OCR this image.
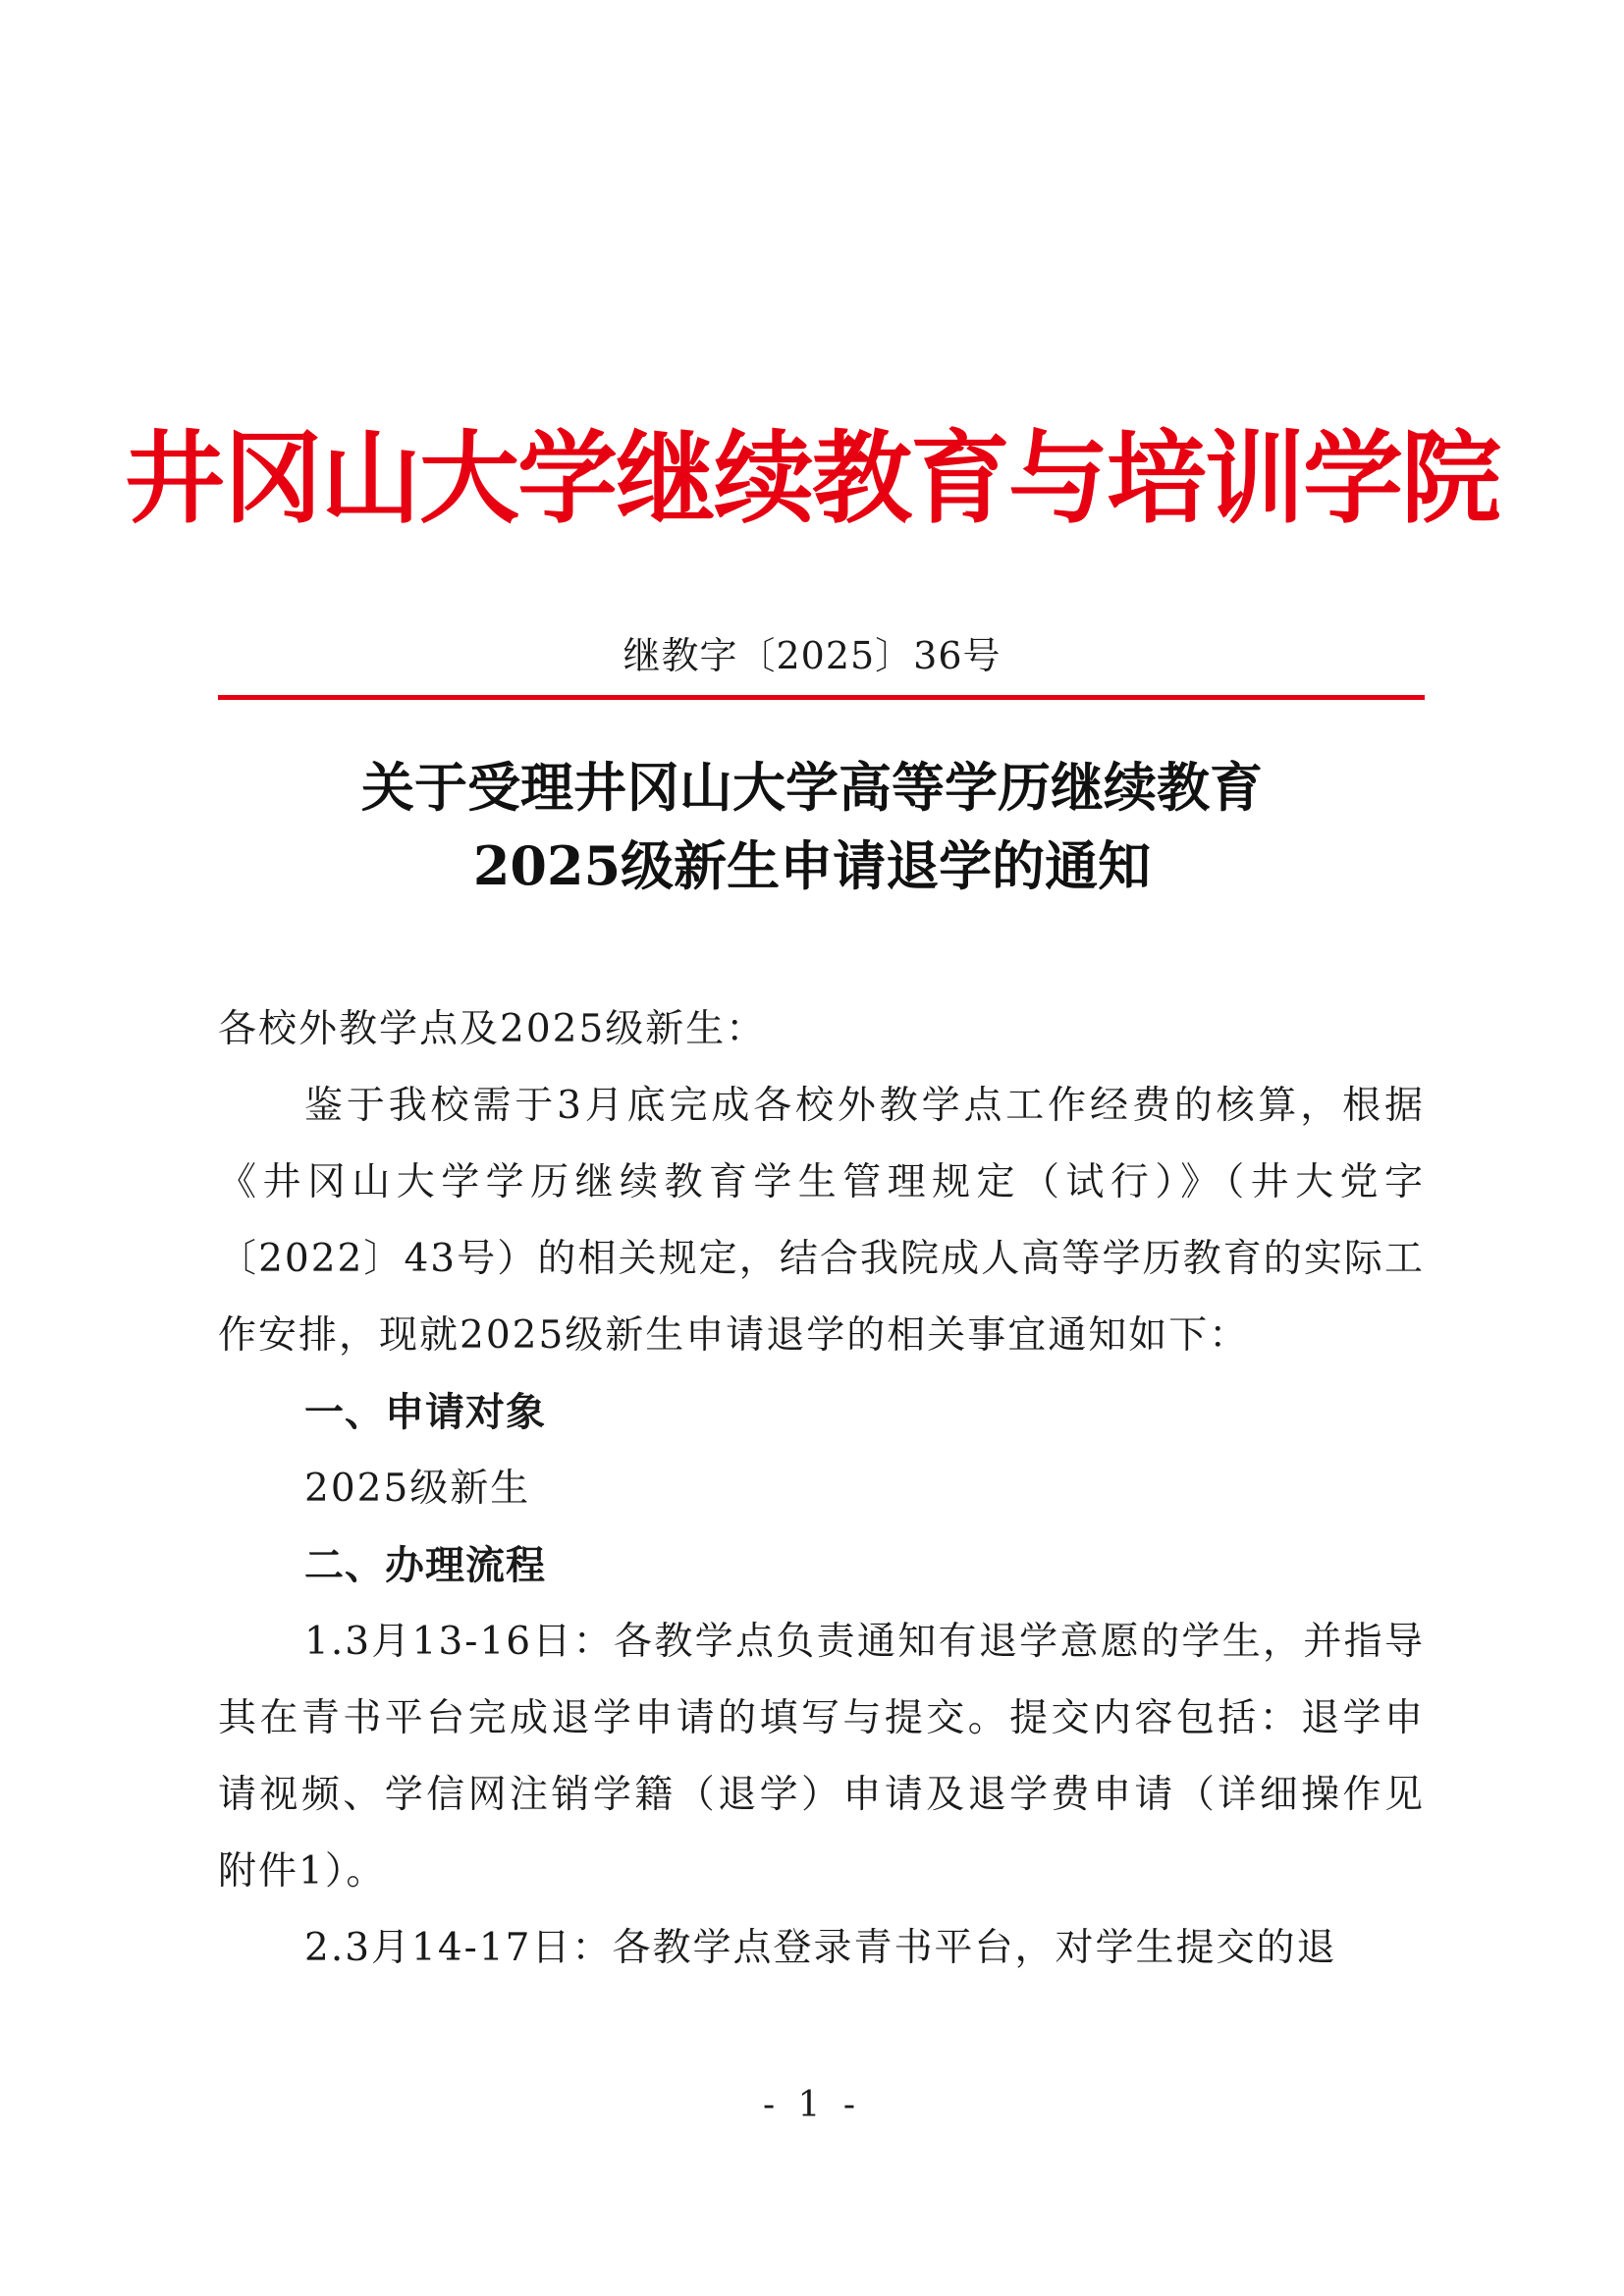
井冈山大学继续教育与培训学院
继教字〔2025〕36号
关于受理井冈山大学高等学历继续教育
2025级新生申请退学的通知

各校外教学点及2025级新生：

鉴于我校需于3月底完成各校外教学点工作经费的核算，根据《井冈山大学学历继续教育学生管理规定（试行）》（井大党字〔2022〕43号）的相关规定，结合我院成人高等学历教育的实际工作安排，现就2025级新生申请退学的相关事宜通知如下：

一、申请对象

2025级新生

二、办理流程

1.3月13-16日：各教学点负责通知有退学意愿的学生，并指导其在青书平台完成退学申请的填写与提交。提交内容包括：退学申请视频、学信网注销学籍（退学）申请及退学费申请（详细操作见附件1）。

2.3月14-17日：各教学点登录青书平台，对学生提交的退

- 1 -
